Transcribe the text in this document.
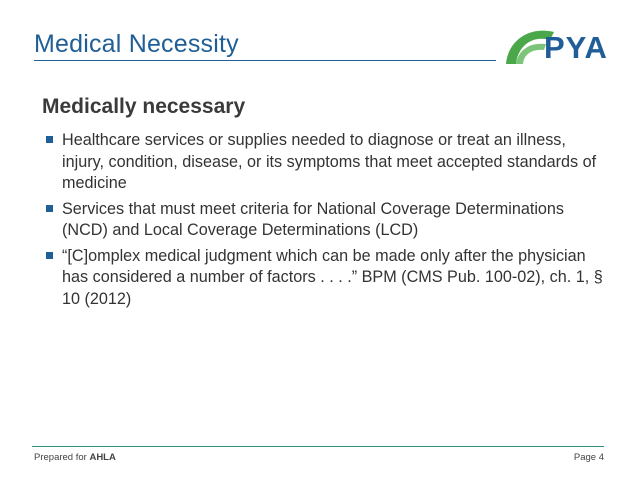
Medical Necessity	PYA
Medically necessary
Healthcare services or supplies needed to diagnose or treat an illness, injury, condition, disease, or its symptoms that meet accepted standards of medicine
Services that must meet criteria for National Coverage Determinations (NCD) and Local Coverage Determinations (LCD)
“[C]omplex medical judgment which can be made only after the physician has considered a number of factors . . . .” BPM (CMS Pub. 100-02), ch. 1, § 10 (2012)
Prepared for AHLA	Page 4
